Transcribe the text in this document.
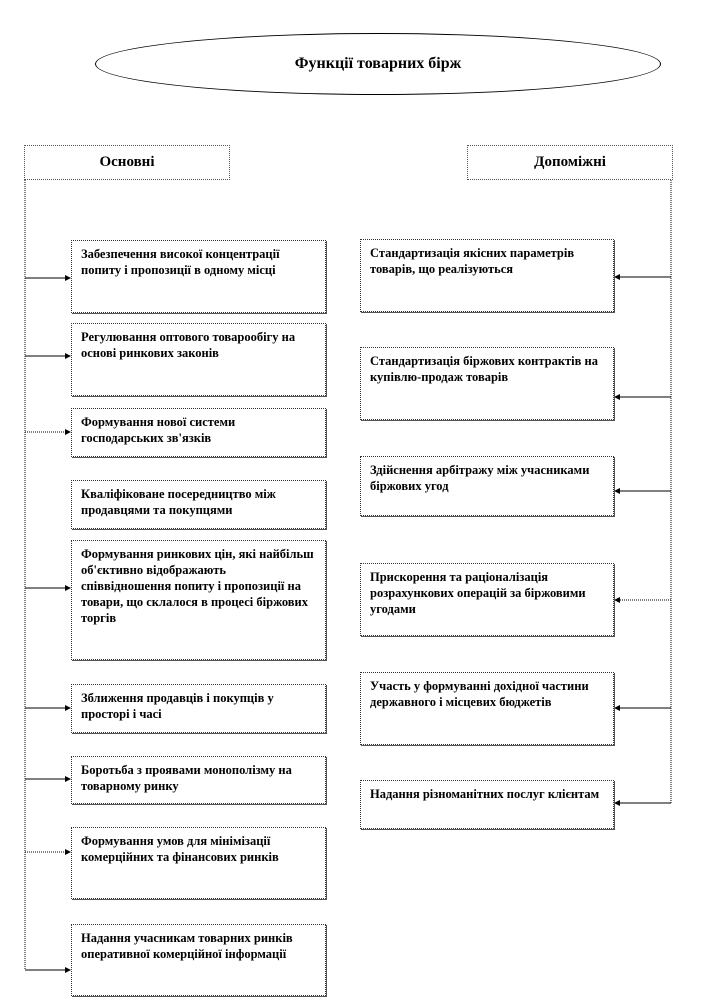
Функції товарних бірж
Основні	Допоміжні
Забезпечення високої концентрації попиту і пропозиції в одному місці
Регулювання оптового товарообігу на основі ринкових законів
Формування нової системи господарських зв'язків
Кваліфіковане посередництво між продавцями та покупцями
Формування ринкових цін, які найбільш об'єктивно відображають співвідношення попиту і пропозиції на товари, що склалося в процесі біржових торгів
Зближення продавців і покупців у просторі і часі
Боротьба з проявами монополізму на товарному ринку
Формування умов для мінімізації комерційних та фінансових ринків
Надання учасникам товарних ринків оперативної комерційної інформації
Стандартизація якісних параметрів товарів, що реалізуються
Стандартизація біржових контрактів на купівлю-продаж товарів
Здійснення арбітражу між учасниками біржових угод
Прискорення та раціоналізація розрахункових операцій за біржовими угодами
Участь у формуванні дохідної частини державного і місцевих бюджетів
Надання різноманітних послуг клієнтам
